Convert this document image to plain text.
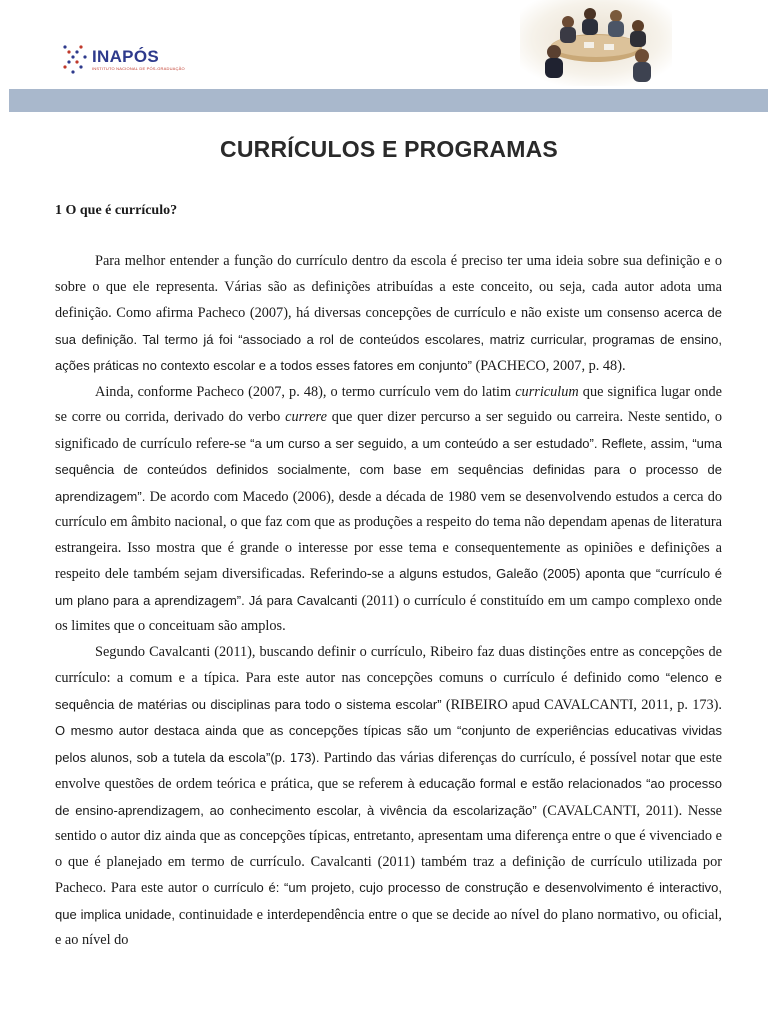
INAPÓS
INSTITUTO NACIONAL DE PÓS-GRADUAÇÃO
CURRÍCULOS E PROGRAMAS
1 O que é currículo?

Para melhor entender a função do currículo dentro da escola é preciso ter uma ideia sobre sua definição e o sobre o que ele representa. Várias são as definições atribuídas a este conceito, ou seja, cada autor adota uma definição. Como afirma Pacheco (2007), há diversas concepções de currículo e não existe um consenso acerca de sua definição. Tal termo já foi “associado a rol de conteúdos escolares, matriz curricular, programas de ensino, ações práticas no contexto escolar e a todos esses fatores em conjunto” (PACHECO, 2007, p. 48).

Ainda, conforme Pacheco (2007, p. 48), o termo currículo vem do latim curriculum que significa lugar onde se corre ou corrida, derivado do verbo currere que quer dizer percurso a ser seguido ou carreira. Neste sentido, o significado de currículo refere-se “a um curso a ser seguido, a um conteúdo a ser estudado”. Reflete, assim, “uma sequência de conteúdos definidos socialmente, com base em sequências definidas para o processo de aprendizagem”. De acordo com Macedo (2006), desde a década de 1980 vem se desenvolvendo estudos a cerca do currículo em âmbito nacional, o que faz com que as produções a respeito do tema não dependam apenas de literatura estrangeira. Isso mostra que é grande o interesse por esse tema e consequentemente as opiniões e definições a respeito dele também sejam diversificadas. Referindo-se a alguns estudos, Galeão (2005) aponta que “currículo é um plano para a aprendizagem”. Já para Cavalcanti (2011) o currículo é constituído em um campo complexo onde os limites que o conceituam são amplos.

Segundo Cavalcanti (2011), buscando definir o currículo, Ribeiro faz duas distinções entre as concepções de currículo: a comum e a típica. Para este autor nas concepções comuns o currículo é definido como “elenco e sequência de matérias ou disciplinas para todo o sistema escolar” (RIBEIRO apud CAVALCANTI, 2011, p. 173). O mesmo autor destaca ainda que as concepções típicas são um “conjunto de experiências educativas vividas pelos alunos, sob a tutela da escola”(p. 173). Partindo das várias diferenças do currículo, é possível notar que este envolve questões de ordem teórica e prática, que se referem à educação formal e estão relacionados “ao processo de ensino-aprendizagem, ao conhecimento escolar, à vivência da escolarização” (CAVALCANTI, 2011). Nesse sentido o autor diz ainda que as concepções típicas, entretanto, apresentam uma diferença entre o que é vivenciado e o que é planejado em termo de currículo. Cavalcanti (2011) também traz a definição de currículo utilizada por Pacheco. Para este autor o currículo é: “um projeto, cujo processo de construção e desenvolvimento é interactivo, que implica unidade, continuidade e interdependência entre o que se decide ao nível do plano normativo, ou oficial, e ao nível do
